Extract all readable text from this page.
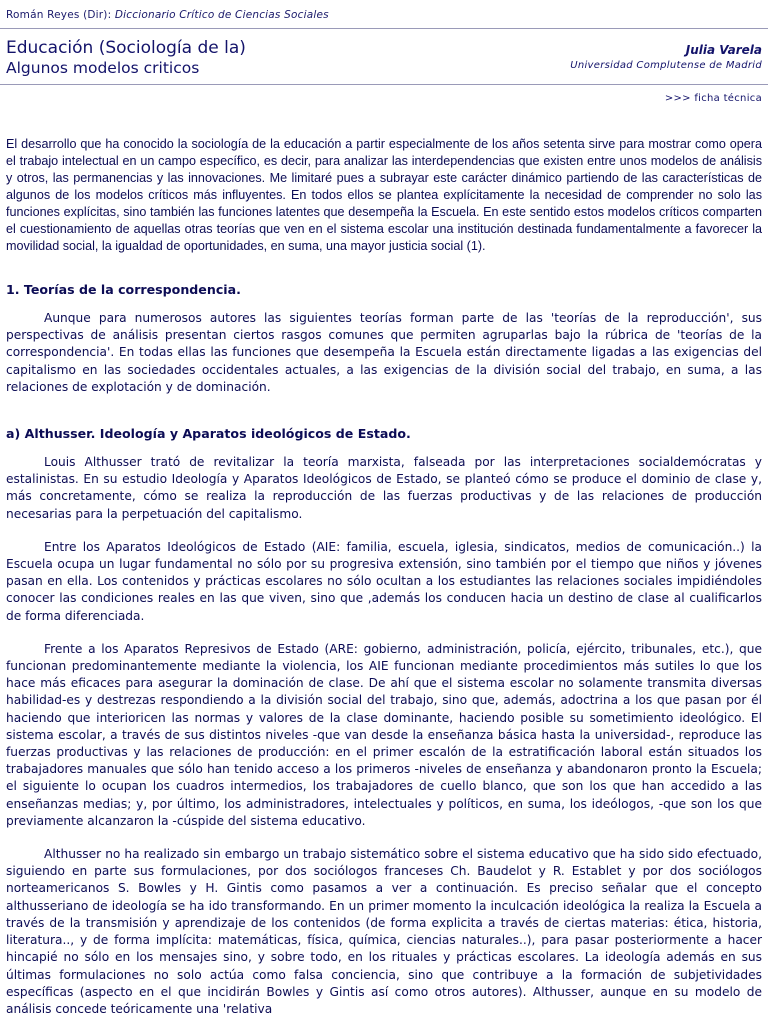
Román Reyes (Dir): Diccionario Crítico de Ciencias Sociales
Educación (Sociología de la)
Algunos modelos criticos
Julia Varela
Universidad Complutense de Madrid
>>> ficha técnica

El desarrollo que ha conocido la sociología de la educación a partir especialmente de los años setenta sirve para mostrar como opera el trabajo intelectual en un campo específico, es decir, para analizar las interdependencias que existen entre unos modelos de análisis y otros, las permanencias y las innovaciones. Me limitaré pues a subrayar este carácter dinámico partiendo de las características de algunos de los modelos críticos más influyentes. En todos ellos se plantea explícitamente la necesidad de comprender no solo las funciones explícitas, sino también las funciones latentes que desempeña la Escuela. En este sentido estos modelos críticos comparten el cuestionamiento de aquellas otras teorías que ven en el sistema escolar una institución destinada fundamentalmente a favorecer la movilidad social, la igualdad de oportunidades, en suma, una mayor justicia social (1).

1. Teorías de la correspondencia.

Aunque para numerosos autores las siguientes teorías forman parte de las 'teorías de la reproducción', sus perspectivas de análisis presentan ciertos rasgos comunes que permiten agruparlas bajo la rúbrica de 'teorías de la correspondencia'. En todas ellas las funciones que desempeña la Escuela están directamente ligadas a las exigencias del capitalismo en las sociedades occidentales actuales, a las exigencias de la división social del trabajo, en suma, a las relaciones de explotación y de dominación.

a) Althusser. Ideología y Aparatos ideológicos de Estado.

Louis Althusser trató de revitalizar la teoría marxista, falseada por las interpretaciones socialdemócratas y estalinistas. En su estudio Ideología y Aparatos Ideológicos de Estado, se planteó cómo se produce el dominio de clase y, más concretamente, cómo se realiza la reproducción de las fuerzas productivas y de las relaciones de producción necesarias para la perpetuación del capitalismo.

Entre los Aparatos Ideológicos de Estado (AIE: familia, escuela, iglesia, sindicatos, medios de comunicación..) la Escuela ocupa un lugar fundamental no sólo por su progresiva extensión, sino también por el tiempo que niños y jóvenes pasan en ella. Los contenidos y prácticas escolares no sólo ocultan a los estudiantes las relaciones sociales impidiéndoles conocer las condiciones reales en las que viven, sino que ,además los conducen hacia un destino de clase al cualificarlos de forma diferenciada.

Frente a los Aparatos Represivos de Estado (ARE: gobierno, administración, policía, ejército, tribunales, etc.), que funcionan predominantemente mediante la violencia, los AIE funcionan mediante procedimientos más sutiles lo que los hace más eficaces para asegurar la dominación de clase. De ahí que el sistema escolar no solamente transmita diversas habilidad-es y destrezas respondiendo a la división social del trabajo, sino que, además, adoctrina a los que pasan por él haciendo que interioricen las normas y valores de la clase dominante, haciendo posible su sometimiento ideológico. El sistema escolar, a través de sus distintos niveles -que van desde la enseñanza básica hasta la universidad-, reproduce las fuerzas productivas y las relaciones de producción: en el primer escalón de la estratificación laboral están situados los trabajadores manuales que sólo han tenido acceso a los primeros -niveles de enseñanza y abandonaron pronto la Escuela; el siguiente lo ocupan los cuadros intermedios, los trabajadores de cuello blanco, que son los que han accedido a las enseñanzas medias; y, por último, los administradores, intelectuales y políticos, en suma, los ideólogos, -que son los que previamente alcanzaron la -cúspide del sistema educativo.

Althusser no ha realizado sin embargo un trabajo sistemático sobre el sistema educativo que ha sido sido efectuado, siguiendo en parte sus formulaciones, por dos sociólogos franceses Ch. Baudelot y R. Establet y por dos sociólogos norteamericanos S. Bowles y H. Gintis como pasamos a ver a continuación. Es preciso señalar que el concepto althusseriano de ideología se ha ido transformando. En un primer momento la inculcación ideológica la realiza la Escuela a través de la transmisión y aprendizaje de los contenidos (de forma explicita a través de ciertas materias: ética, historia, literatura.., y de forma implícita: matemáticas, física, química, ciencias naturales..), para pasar posteriormente a hacer hincapié no sólo en los mensajes sino, y sobre todo, en los rituales y prácticas escolares. La ideología además en sus últimas formulaciones no solo actúa como falsa conciencia, sino que contribuye a la formación de subjetividades específicas (aspecto en el que incidirán Bowles y Gintis así como otros autores). Althusser, aunque en su modelo de análisis concede teóricamente una 'relativa
